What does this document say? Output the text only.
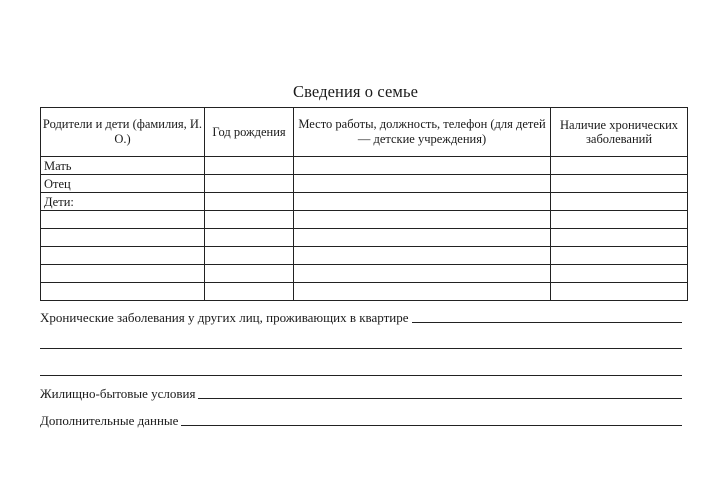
Сведения о семье
Родители и дети (фамилия, И. О.)	Год рождения	Место работы, должность, телефон (для детей — детские учреждения)	Наличие хронических заболеваний
Мать			
Отец			
Дети:			

Хронические заболевания у других лиц, проживающих в квартире
Жилищно-бытовые условия
Дополнительные данные
